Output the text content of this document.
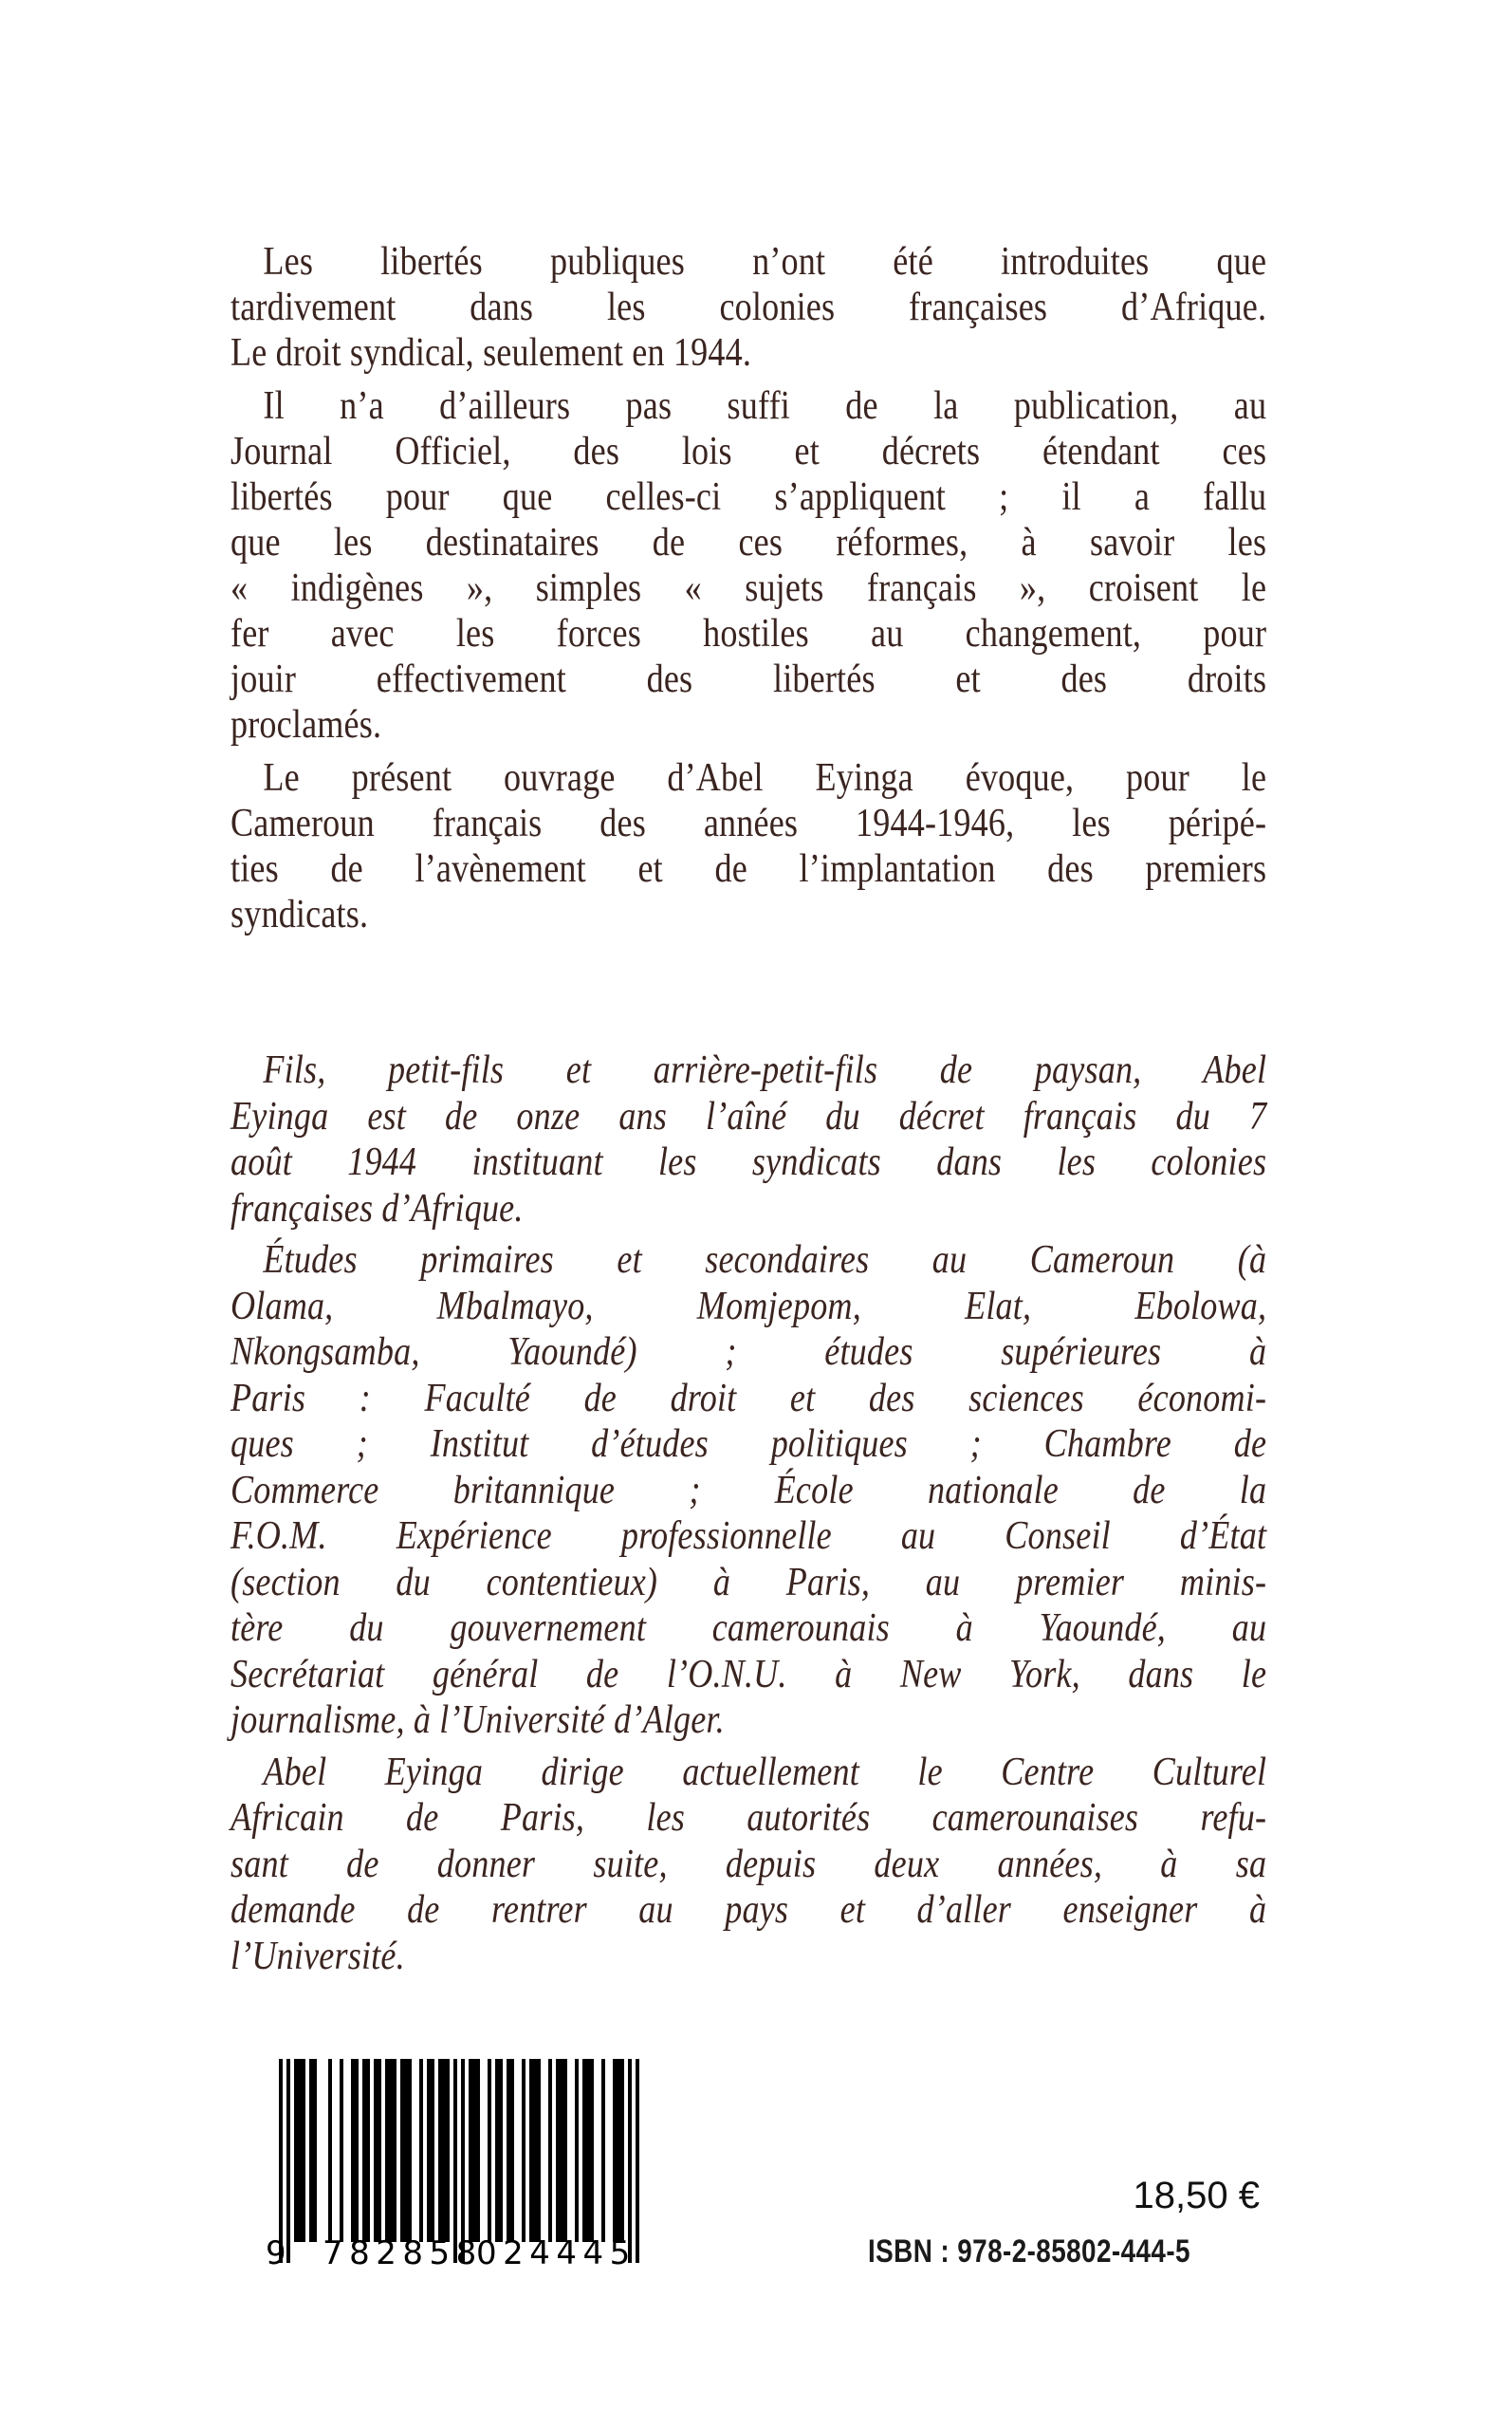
Les libertés publiques n’ont été introduites que
tardivement dans les colonies françaises d’Afrique.
Le droit syndical, seulement en 1944.
Il n’a d’ailleurs pas suffi de la publication, au
Journal Officiel, des lois et décrets étendant ces
libertés pour que celles-ci s’appliquent ; il a fallu
que les destinataires de ces réformes, à savoir les
« indigènes », simples « sujets français », croisent le
fer avec les forces hostiles au changement, pour
jouir effectivement des libertés et des droits
proclamés.
Le présent ouvrage d’Abel Eyinga évoque, pour le
Cameroun français des années 1944-1946, les péripé-
ties de l’avènement et de l’implantation des premiers
syndicats.
Fils, petit-fils et arrière-petit-fils de paysan, Abel
Eyinga est de onze ans l’aîné du décret français du 7
août 1944 instituant les syndicats dans les colonies
françaises d’Afrique.
Études primaires et secondaires au Cameroun (à
Olama, Mbalmayo, Momjepom, Elat, Ebolowa,
Nkongsamba, Yaoundé) ; études supérieures à
Paris : Faculté de droit et des sciences économi-
ques ; Institut d’études politiques ; Chambre de
Commerce britannique ; École nationale de la
F.O.M. Expérience professionnelle au Conseil d’État
(section du contentieux) à Paris, au premier minis-
tère du gouvernement camerounais à Yaoundé, au
Secrétariat général de l’O.N.U. à New York, dans le
journalisme, à l’Université d’Alger.
Abel Eyinga dirige actuellement le Centre Culturel
Africain de Paris, les autorités camerounaises refu-
sant de donner suite, depuis deux années, à sa
demande de rentrer au pays et d’aller enseigner à
l’Université.
9 782858
024445
18,50 €
ISBN : 978-2-85802-444-5
